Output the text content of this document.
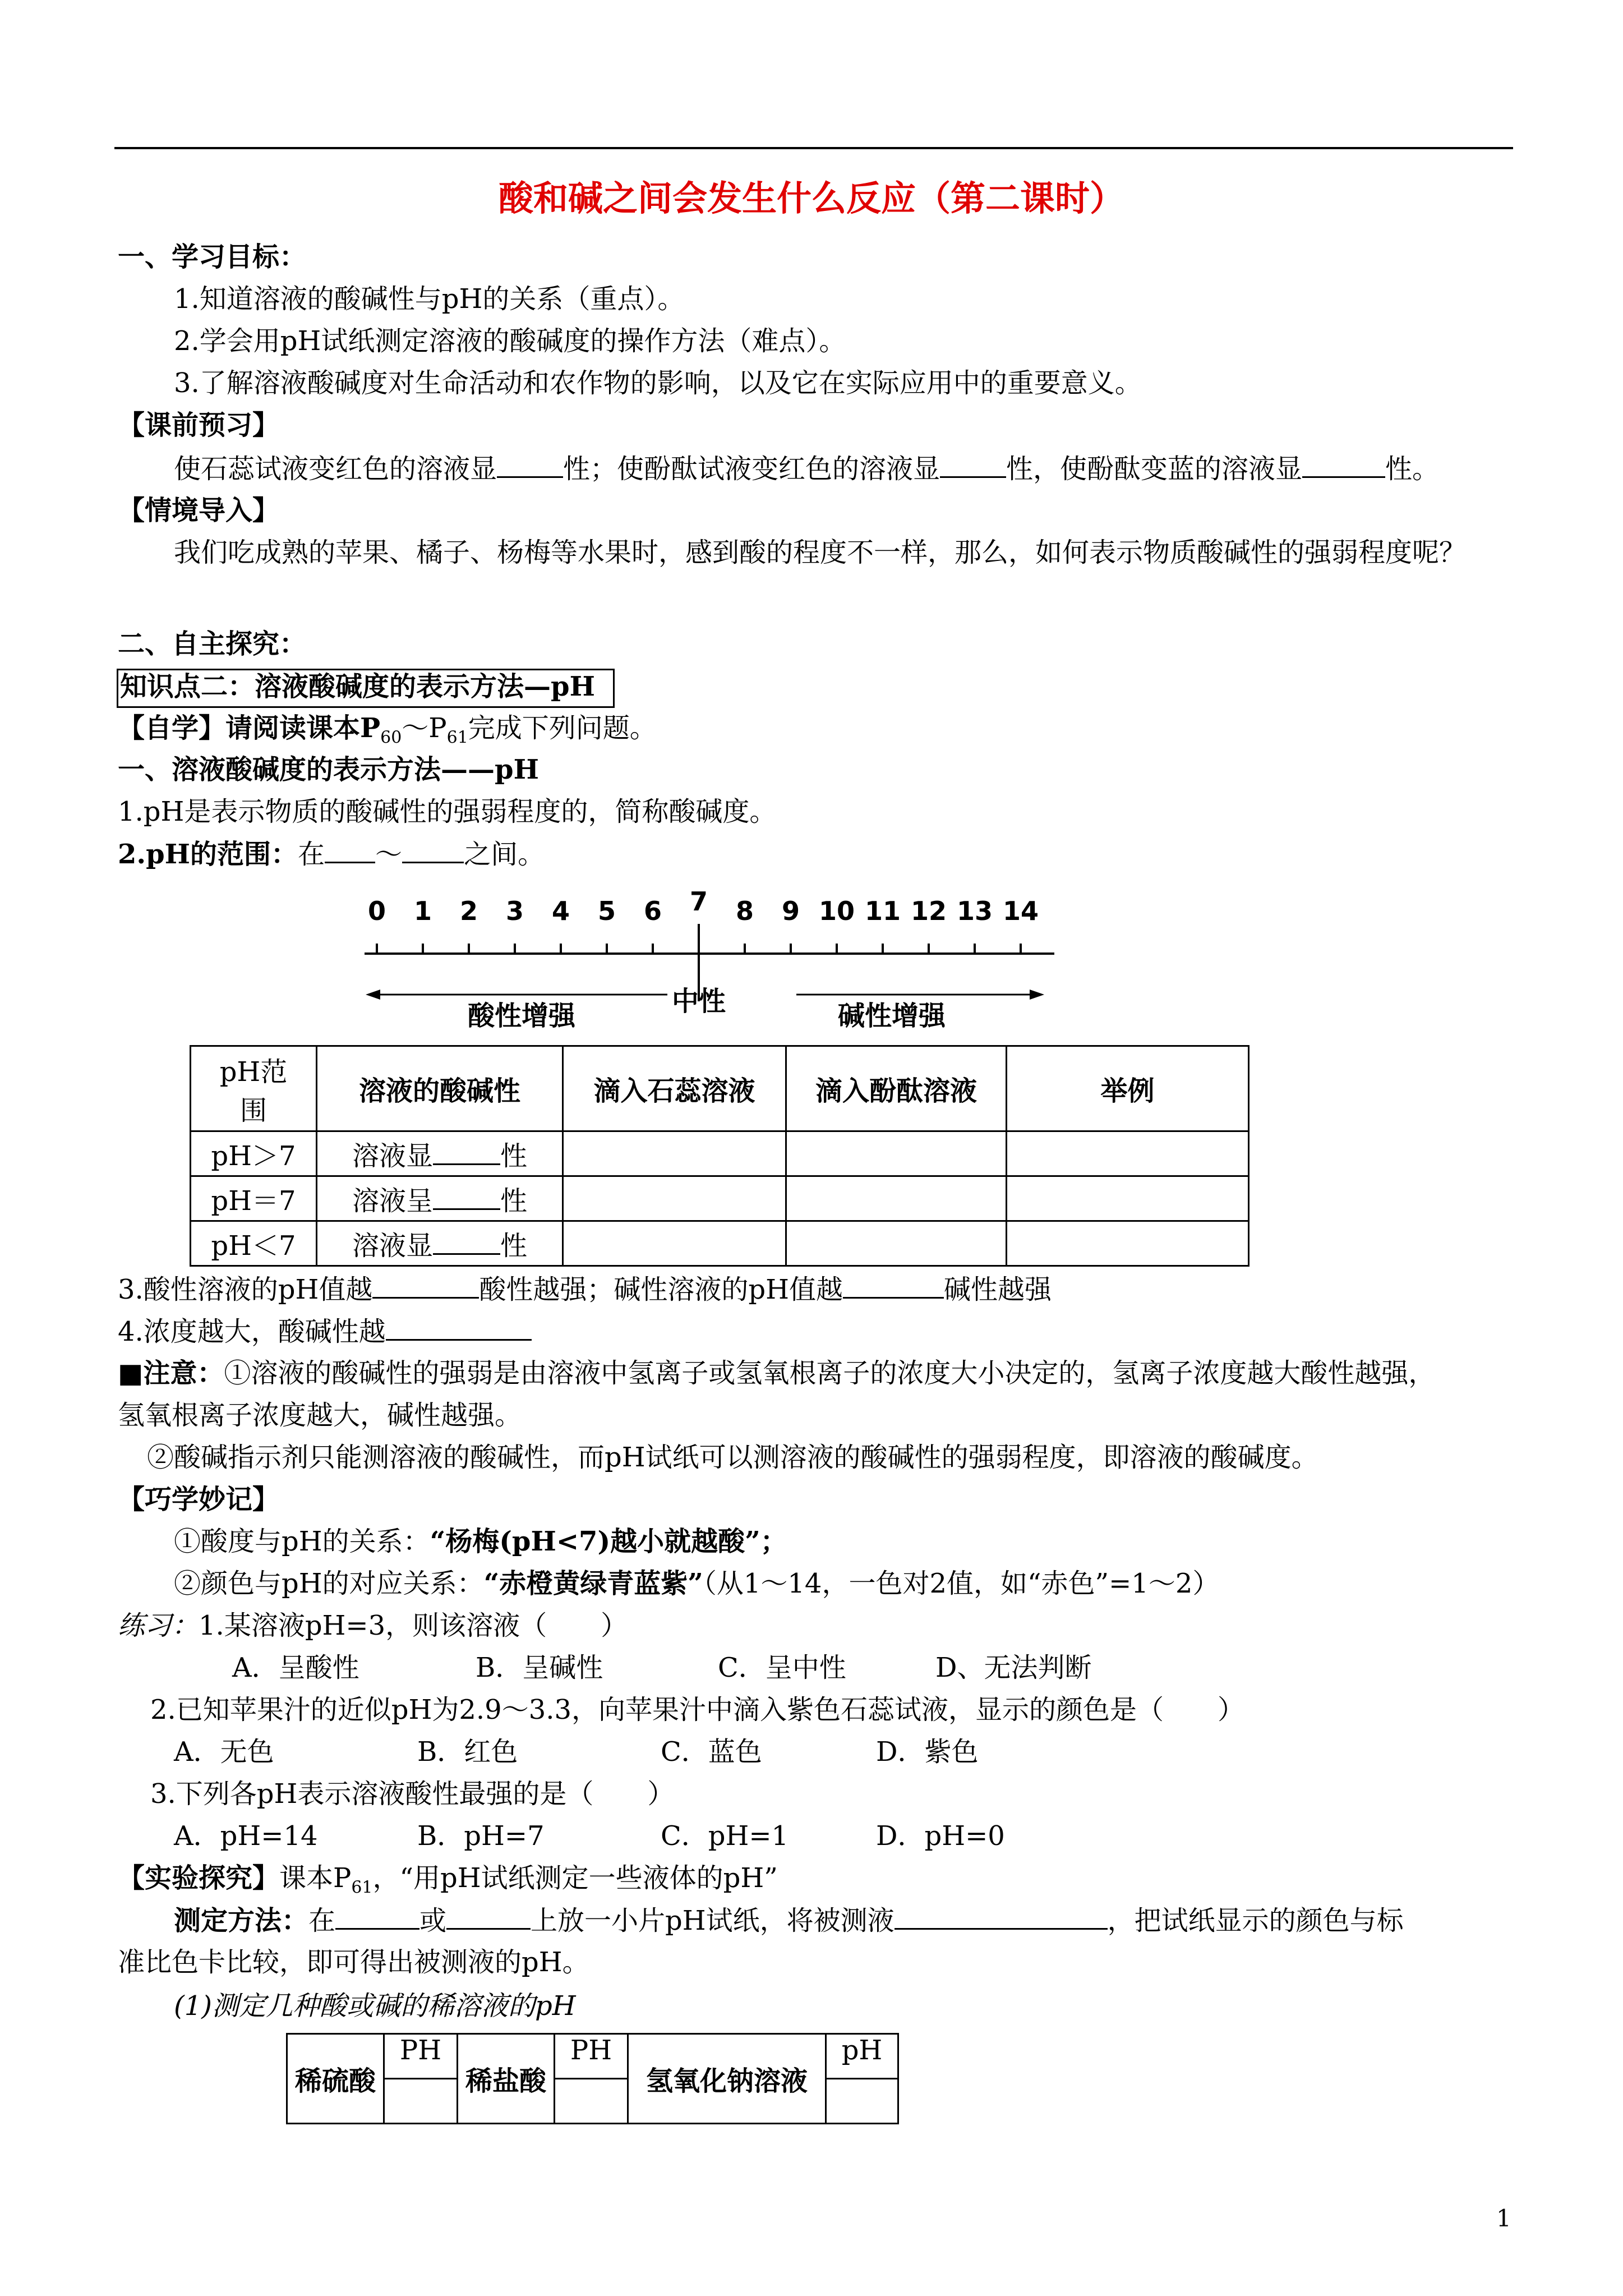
酸和碱之间会发生什么反应（第二课时）
一、学习目标：
1.知道溶液的酸碱性与pH的关系（重点）。
2.学会用pH试纸测定溶液的酸碱度的操作方法（难点）。
3.了解溶液酸碱度对生命活动和农作物的影响，以及它在实际应用中的重要意义。
【课前预习】
使石蕊试液变红色的溶液显 性；使酚酞试液变红色的溶液显 性，使酚酞变蓝的溶液显	性。
【情境导入】
我们吃成熟的苹果、橘子、杨梅等水果时，感到酸的程度不一样，那么，如何表示物质酸碱性的强弱程度呢？
二、自主探究：
知识点二：溶液酸碱度的表示方法—pH
【自学】请阅读课本$P_{60}\sim P_{61}$完成下列问题。
一、溶液酸碱度的表示方法——pH
1.pH是表示物质的酸碱性的强弱程度的，简称酸碱度。
2.pH的范围：在 ～ 之间。
0 1 2 3 4 5 6 7 8 9 10 11 12 13 14
酸性增强	中性	碱性增强
pH范
围	溶液的酸碱性	滴入石蕊溶液	滴入酚酞溶液	举例
pH＞7	溶液显 性			
pH＝7	溶液呈 性			
pH＜7	溶液显 性			
3.酸性溶液的pH值越	酸性越强；碱性溶液的pH值越	碱性越强
4.浓度越大，酸碱性越
■注意：①溶液的酸碱性的强弱是由溶液中氢离子或氢氧根离子的浓度大小决定的，氢离子浓度越大酸性越强，
氢氧根离子浓度越大，碱性越强。
②酸碱指示剂只能测溶液的酸碱性，而pH试纸可以测溶液的酸碱性的强弱程度，即溶液的酸碱度。
【巧学妙记】
①酸度与pH的关系：“杨梅(pH<7)越小就越酸”；
②颜色与pH的对应关系：“赤橙黄绿青蓝紫”（从1～14，一色对2值，如“赤色”=1～2）
练习：1.某溶液pH=3，则该溶液（　　）
A．呈酸性	B．呈碱性	C．呈中性	D、无法判断
2.已知苹果汁的近似pH为2.9～3.3，向苹果汁中滴入紫色石蕊试液，显示的颜色是（　　）
A．无色	B．红色	C．蓝色	D．紫色
3.下列各pH表示溶液酸性最强的是（　　）
A．pH=14	B．pH=7	C．pH=1	D．pH=0
【实验探究】课本$P_{61}$，“用pH试纸测定一些液体的pH”
测定方法：在	或	上放一小片pH试纸，将被测液	，把试纸显示的颜色与标
准比色卡比较，即可得出被测液的pH。
(1)测定几种酸或碱的稀溶液的pH
稀硫酸	PH	稀盐酸	PH	氢氧化钠溶液	pH

1
